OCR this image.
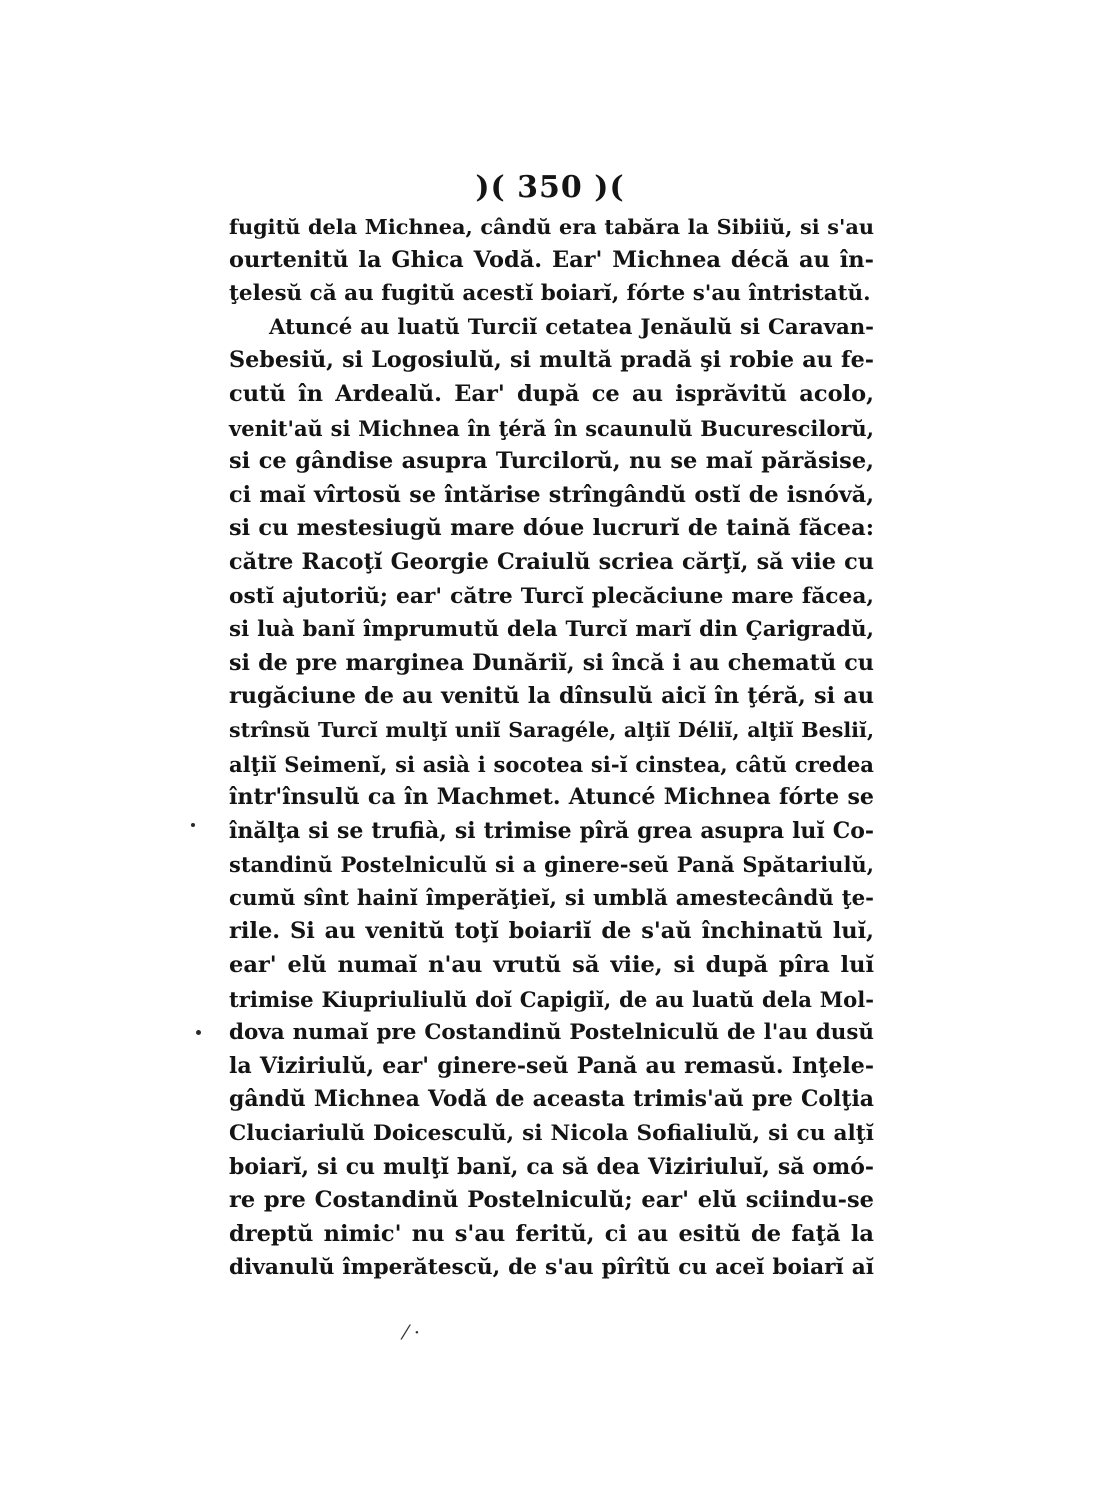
)( 350 )(
fugitŭ dela Michnea, cândŭ era tabăra la Sibiiŭ, si s'au
ourtenitŭ la Ghica Vodă. Ear' Michnea décă au în-
ţelesŭ că au fugitŭ acestĭ boiarĭ, fórte s'au întristatŭ.
Atuncé au luatŭ Turciĭ cetatea Jenăulŭ si Caravan-
Sebesiŭ, si Logosiulŭ, si multă pradă şi robie au fe-
cutŭ în Ardealŭ. Ear' după ce au isprăvitŭ acolo,
venit'aŭ si Michnea în ţéră în scaunulŭ Bucurescilorŭ,
si ce gândise asupra Turcilorŭ, nu se maĭ părăsise,
ci maĭ vîrtosŭ se întărise strîngândŭ ostĭ de isnóvă,
si cu mestesiugŭ mare dóue lucrurĭ de taină făcea:
către Racoţĭ Georgie Craiulŭ scriea cărţĭ, să viie cu
ostĭ ajutoriŭ; ear' către Turcĭ plecăciune mare făcea,
si luà banĭ împrumutŭ dela Turcĭ marĭ din Çarigradŭ,
si de pre marginea Dunăriĭ, si încă i au chematŭ cu
rugăciune de au venitŭ la dînsulŭ aicĭ în ţéră, si au
strînsŭ Turcĭ mulţĭ uniĭ Saragéle, alţiĭ Déliĭ, alţiĭ Besliĭ,
alţiĭ Seimenĭ, si asià i socotea si-ĭ cinstea, câtŭ credea
într'însulŭ ca în Machmet. Atuncé Michnea fórte se
înălţa si se trufià, si trimise pîră grea asupra luĭ Co-
standinŭ Postelniculŭ si a ginere-seŭ Pană Spătariulŭ,
cumŭ sînt hainĭ împerăţieĭ, si umblă amestecândŭ ţe-
rile. Si au venitŭ toţĭ boiariĭ de s'aŭ închinatŭ luĭ,
ear' elŭ numaĭ n'au vrutŭ să viie, si după pîra luĭ
trimise Kiupriuliulŭ doĭ Capigiĭ, de au luatŭ dela Mol-
dova numaĭ pre Costandinŭ Postelniculŭ de l'au dusŭ
la Viziriulŭ, ear' ginere-seŭ Pană au remasŭ. Inţele-
gândŭ Michnea Vodă de aceasta trimis'aŭ pre Colţia
Cluciariulŭ Doicesculŭ, si Nicola Sofialiulŭ, si cu alţĭ
boiarĭ, si cu mulţĭ banĭ, ca să dea Viziriuluĭ, să omó-
re pre Costandinŭ Postelniculŭ; ear' elŭ sciindu-se
dreptŭ nimic' nu s'au feritŭ, ci au esitŭ de faţă la
divanulŭ împerătescŭ, de s'au pîrîtŭ cu aceĭ boiarĭ aĭ
⁄ ·
